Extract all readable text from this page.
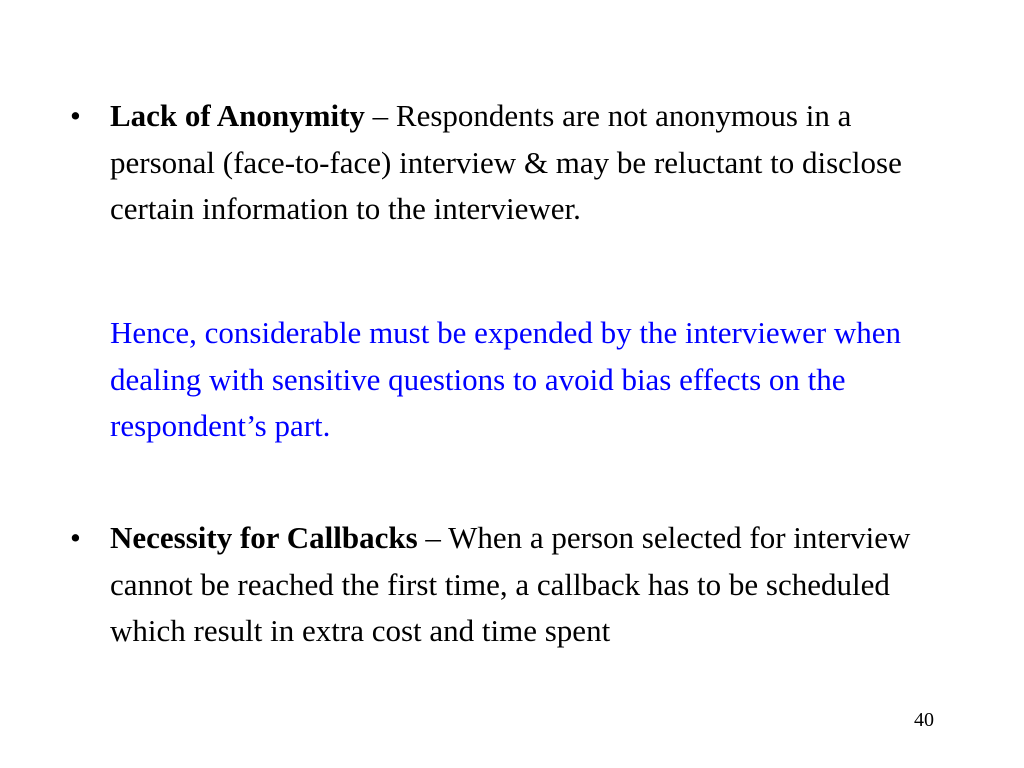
• Lack of Anonymity – Respondents are not anonymous in a personal (face-to-face) interview & may be reluctant to disclose certain information to the interviewer.
Hence, considerable must be expended by the interviewer when dealing with sensitive questions to avoid bias effects on the respondent’s part.
• Necessity for Callbacks – When a person selected for interview cannot be reached the first time, a callback has to be scheduled which result in extra cost and time spent
40
